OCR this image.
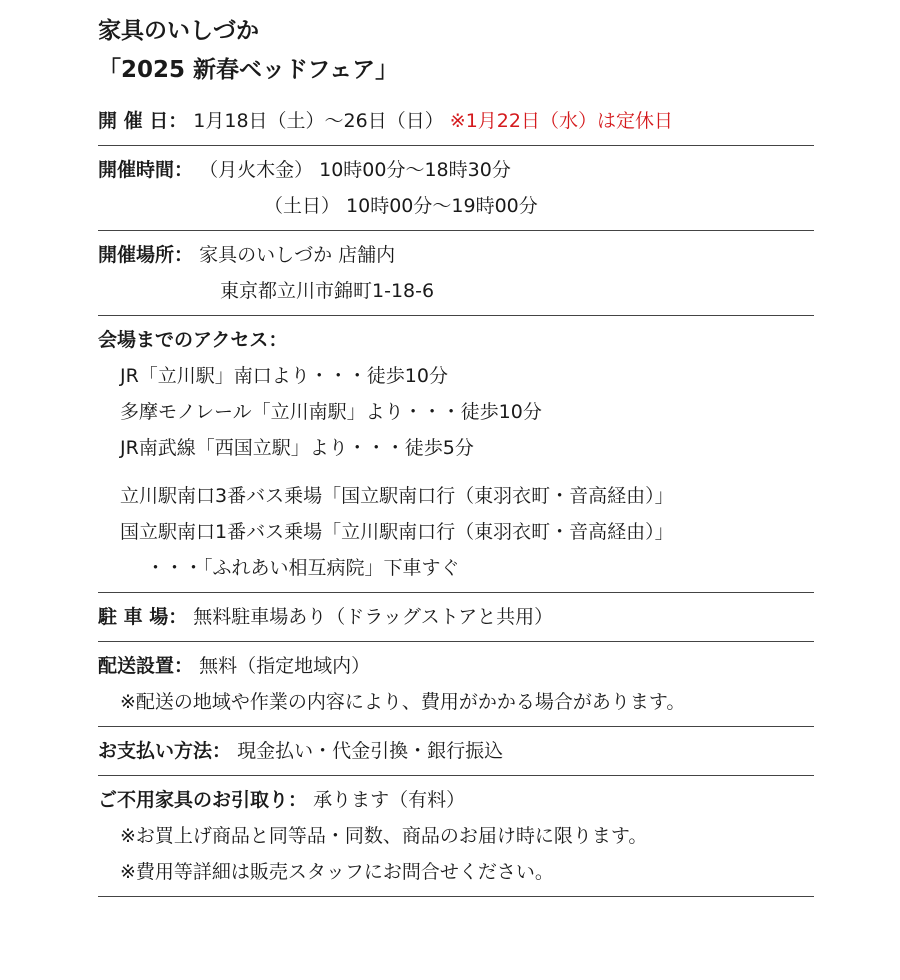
家具のいしづか
「2025 新春ベッドフェア」
開 催 日： 1月18日（土）～26日（日） ※1月22日（水）は定休日
開催時間： （月火木金） 10時00分～18時30分
（土日） 10時00分～19時00分
開催場所： 家具のいしづか 店舗内
東京都立川市錦町1-18-6
会場までのアクセス：
JR「立川駅」南口より・・・徒歩10分
多摩モノレール「立川南駅」より・・・徒歩10分
JR南武線「西国立駅」より・・・徒歩5分
立川駅南口3番バス乗場「国立駅南口行（東羽衣町・音高経由）」
国立駅南口1番バス乗場「立川駅南口行（東羽衣町・音高経由）」
・・・「ふれあい相互病院」下車すぐ
駐 車 場： 無料駐車場あり（ドラッグストアと共用）
配送設置： 無料（指定地域内）
※配送の地域や作業の内容により、費用がかかる場合があります。
お支払い方法： 現金払い・代金引換・銀行振込
ご不用家具のお引取り： 承ります（有料）
※お買上げ商品と同等品・同数、商品のお届け時に限ります。
※費用等詳細は販売スタッフにお問合せください。
